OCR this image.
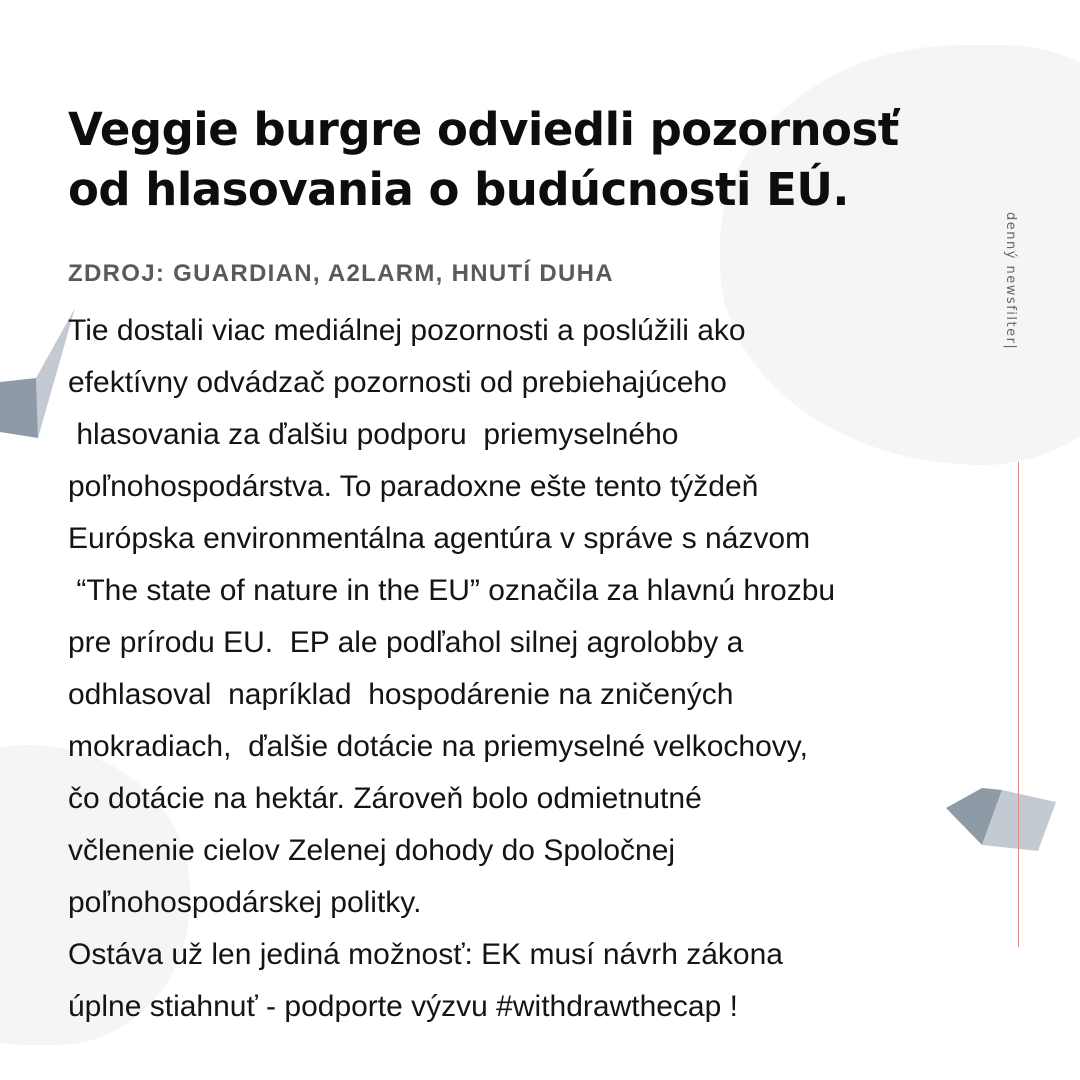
Veggie burgre odviedli pozornosť
od hlasovania o budúcnosti EÚ.
ZDROJ: GUARDIAN, A2LARM, HNUTÍ DUHA
Tie dostali viac mediálnej pozornosti a poslúžili ako
efektívny odvádzač pozornosti od prebiehajúceho
hlasovania za ďalšiu podporu  priemyselného
poľnohospodárstva. To paradoxne ešte tento týždeň
Európska environmentálna agentúra v správe s názvom
“The state of nature in the EU” označila za hlavnú hrozbu
pre prírodu EU.  EP ale podľahol silnej agrolobby a
odhlasoval  napríklad  hospodárenie na zničených
mokradiach,  ďalšie dotácie na priemyselné velkochovy,
čo dotácie na hektár. Zároveň bolo odmietnutné
včlenenie cielov Zelenej dohody do Spoločnej
poľnohospodárskej politky.
Ostáva už len jediná možnosť: EK musí návrh zákona
úplne stiahnuť - podporte výzvu #withdrawthecap !
denný newsfilter|
